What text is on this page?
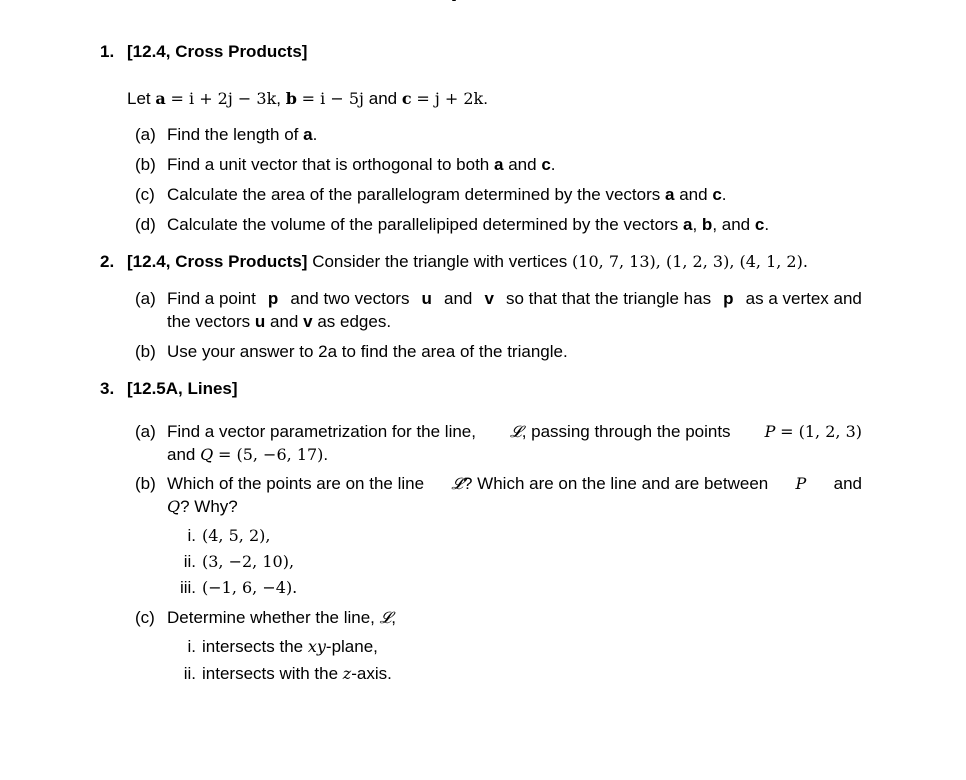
1. [12.4, Cross Products]
Let a = i + 2j − 3k, b = i − 5j and c = j + 2k.
(a) Find the length of a.
(b) Find a unit vector that is orthogonal to both a and c.
(c) Calculate the area of the parallelogram determined by the vectors a and c.
(d) Calculate the volume of the parallelipiped determined by the vectors a, b, and c.
2. [12.4, Cross Products] Consider the triangle with vertices (10, 7, 13), (1, 2, 3), (4, 1, 2).
(a) Find a point p and two vectors u and v so that that the triangle has p as a vertex and
the vectors u and v as edges.
(b) Use your answer to 2a to find the area of the triangle.
3. [12.5A, Lines]
(a) Find a vector parametrization for the line, 𝓛, passing through the points P = (1, 2, 3)
and Q = (5, −6, 17).
(b) Which of the points are on the line 𝓛? Which are on the line and are between P and
Q? Why?
i. (4, 5, 2),
ii. (3, −2, 10),
iii. (−1, 6, −4).
(c) Determine whether the line, 𝓛,
i. intersects the xy-plane,
ii. intersects with the z-axis.
